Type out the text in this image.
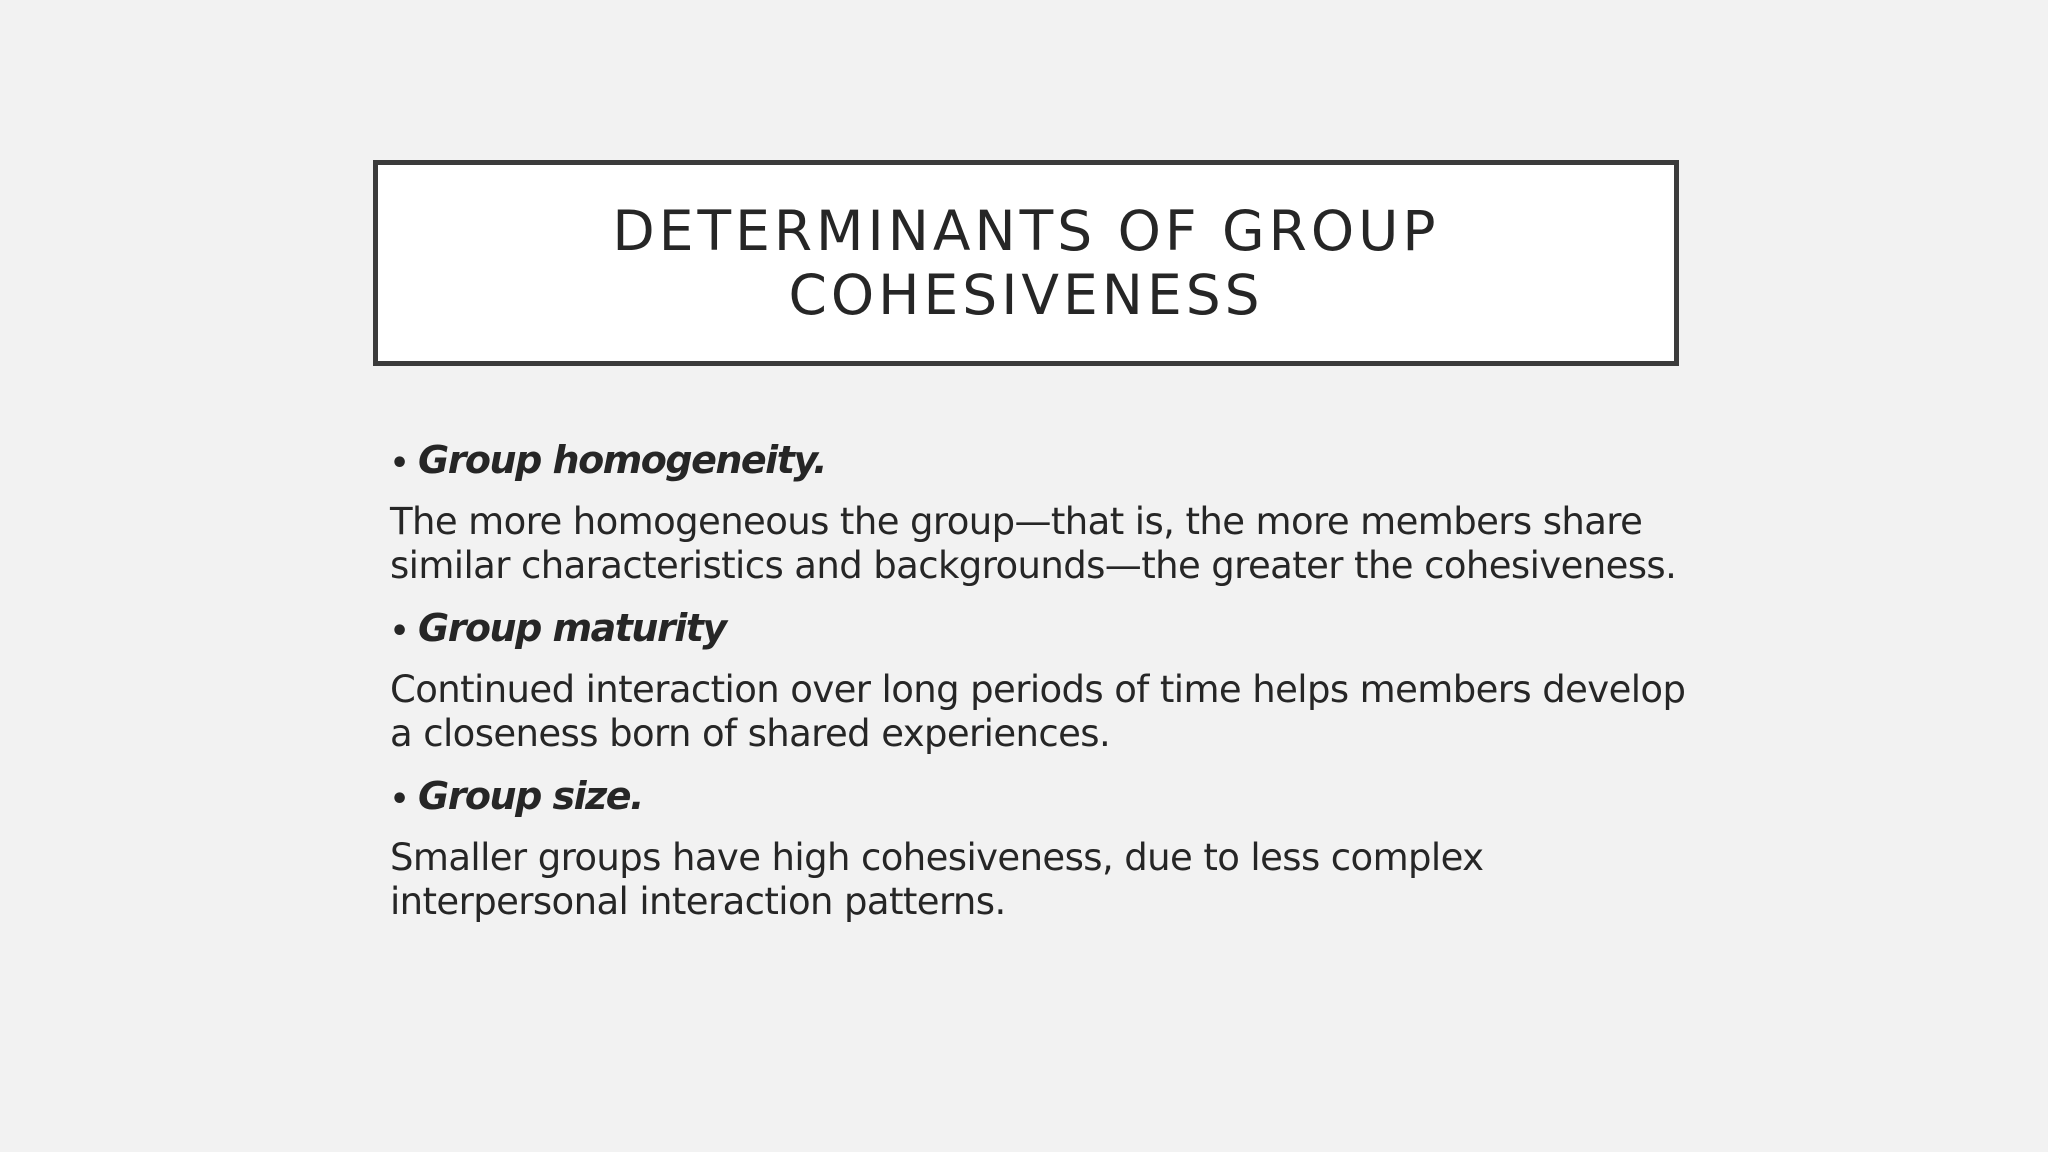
DETERMINANTS OF GROUP COHESIVENESS
• Group homogeneity.

The more homogeneous the group—that is, the more members share similar characteristics and backgrounds—the greater the cohesiveness.

• Group maturity

Continued interaction over long periods of time helps members develop a closeness born of shared experiences.

• Group size.

Smaller groups have high cohesiveness, due to less complex interpersonal interaction patterns.
